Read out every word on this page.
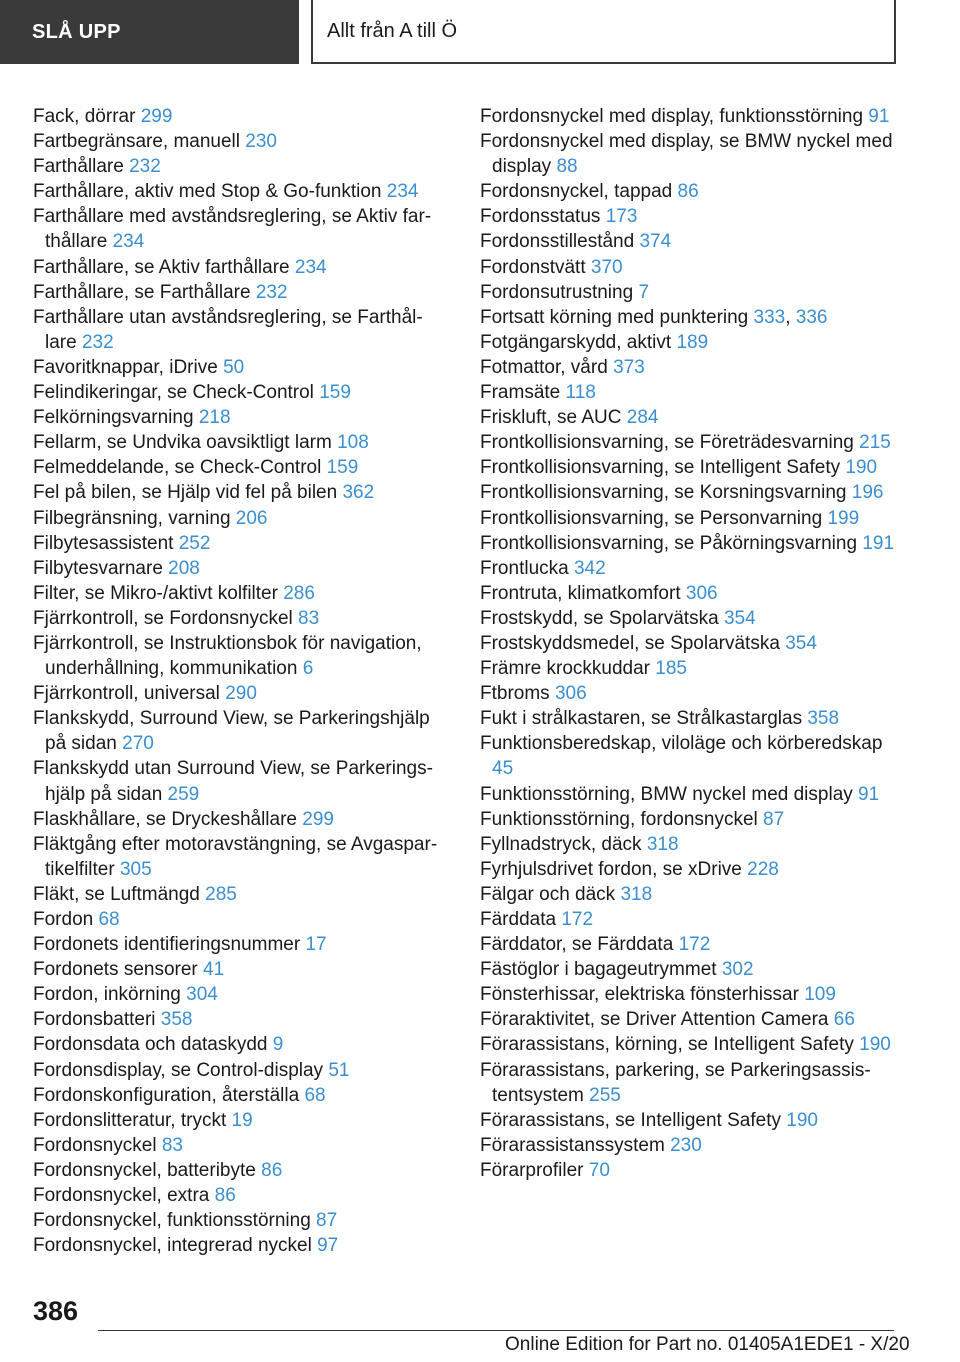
SLÅ UPP	Allt från A till Ö
Fack, dörrar 299
Fartbegränsare, manuell 230
Farthållare 232
Farthållare, aktiv med Stop & Go-funktion 234
Farthållare med avståndsreglering, se Aktiv farthållare 234
Farthållare, se Aktiv farthållare 234
Farthållare, se Farthållare 232
Farthållare utan avståndsreglering, se Farthållare 232
Favoritknappar, iDrive 50
Felindikeringar, se Check-Control 159
Felkörningsvarning 218
Fellarm, se Undvika oavsiktligt larm 108
Felmeddelande, se Check-Control 159
Fel på bilen, se Hjälp vid fel på bilen 362
Filbegränsning, varning 206
Filbytesassistent 252
Filbytesvarnare 208
Filter, se Mikro-/aktivt kolfilter 286
Fjärrkontroll, se Fordonsnyckel 83
Fjärrkontroll, se Instruktionsbok för navigation, underhållning, kommunikation 6
Fjärrkontroll, universal 290
Flankskydd, Surround View, se Parkeringshjälp på sidan 270
Flankskydd utan Surround View, se Parkeringshjälp på sidan 259
Flaskhållare, se Dryckeshållare 299
Fläktgång efter motoravstängning, se Avgaspartikelfilter 305
Fläkt, se Luftmängd 285
Fordon 68
Fordonets identifieringsnummer 17
Fordonets sensorer 41
Fordon, inkörning 304
Fordonsbatteri 358
Fordonsdata och dataskydd 9
Fordonsdisplay, se Control-display 51
Fordonskonfiguration, återställa 68
Fordonslitteratur, tryckt 19
Fordonsnyckel 83
Fordonsnyckel, batteribyte 86
Fordonsnyckel, extra 86
Fordonsnyckel, funktionsstörning 87
Fordonsnyckel, integrerad nyckel 97
Fordonsnyckel med display, funktionsstörning 91
Fordonsnyckel med display, se BMW nyckel med display 88
Fordonsnyckel, tappad 86
Fordonsstatus 173
Fordonsstillestånd 374
Fordonstvätt 370
Fordonsutrustning 7
Fortsatt körning med punktering 333, 336
Fotgängarskydd, aktivt 189
Fotmattor, vård 373
Framsäte 118
Friskluft, se AUC 284
Frontkollisionsvarning, se Företrädesvarning 215
Frontkollisionsvarning, se Intelligent Safety 190
Frontkollisionsvarning, se Korsningsvarning 196
Frontkollisionsvarning, se Personvarning 199
Frontkollisionsvarning, se Påkörningsvarning 191
Frontlucka 342
Frontruta, klimatkomfort 306
Frostskydd, se Spolarvätska 354
Frostskyddsmedel, se Spolarvätska 354
Främre krockkuddar 185
Ftbroms 306
Fukt i strålkastaren, se Strålkastarglas 358
Funktionsberedskap, viloläge och körberedskap 45
Funktionsstörning, BMW nyckel med display 91
Funktionsstörning, fordonsnyckel 87
Fyllnadstryck, däck 318
Fyrhjulsdrivet fordon, se xDrive 228
Fälgar och däck 318
Färddata 172
Färddator, se Färddata 172
Fästöglor i bagageutrymmet 302
Fönsterhissar, elektriska fönsterhissar 109
Föraraktivitet, se Driver Attention Camera 66
Förarassistans, körning, se Intelligent Safety 190
Förarassistans, parkering, se Parkeringsassistentsystem 255
Förarassistans, se Intelligent Safety 190
Förarassistanssystem 230
Förarprofiler 70
386
Online Edition for Part no. 01405A1EDE1 - X/20
